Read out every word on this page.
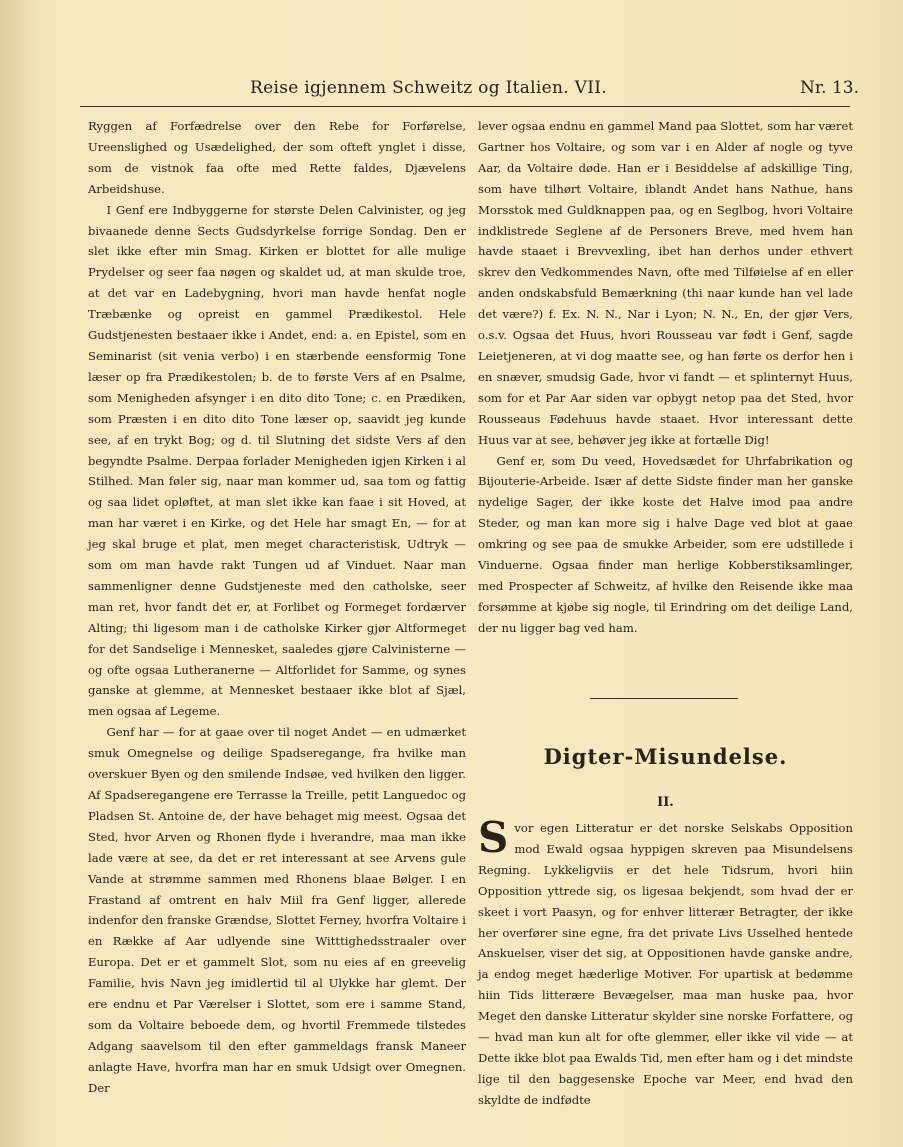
Reise igjennem Schweitz og Italien. VII.	Nr. 13.

Ryggen af Forfædrelse over den Rebe for Forførelse, Ureenslighed og Usædelighed, der som ofteft ynglet i disse, som de vistnok faa ofte med Rette faldes, Djævelens Arbeidshuse.

I Genf ere Indbyggerne for største Delen Calvinister, og jeg bivaanede denne Sects Gudsdyrkelse forrige Sondag. Den er slet ikke efter min Smag. Kirken er blottet for alle mulige Prydelser og seer faa nøgen og skaldet ud, at man skulde troe, at det var en Ladebygning, hvori man havde henfat nogle Træbænke og opreist en gammel Prædikestol. Hele Gudstjenesten bestaaer ikke i Andet, end: a. en Epistel, som en Seminarist (sit venia verbo) i en stærbende eensformig Tone læser op fra Prædikestolen; b. de to første Vers af en Psalme, som Menigheden afsynger i en dito dito Tone; c. en Prædiken, som Præsten i en dito dito Tone læser op, saavidt jeg kunde see, af en trykt Bog; og d. til Slutning det sidste Vers af den begyndte Psalme. Derpaa forlader Menigheden igjen Kirken i al Stilhed. Man føler sig, naar man kommer ud, saa tom og fattig og saa lidet opløftet, at man slet ikke kan faae i sit Hoved, at man har været i en Kirke, og det Hele har smagt En, — for at jeg skal bruge et plat, men meget characteristisk, Udtryk — som om man havde rakt Tungen ud af Vinduet. Naar man sammenligner denne Gudstjeneste med den catholske, seer man ret, hvor fandt det er, at Forlibet og Formeget fordærver Alting; thi ligesom man i de catholske Kirker gjør Altformeget for det Sandselige i Mennesket, saaledes gjøre Calvinisterne — og ofte ogsaa Lutheranerne — Altforlidet for Samme, og synes ganske at glemme, at Mennesket bestaaer ikke blot af Sjæl, men ogsaa af Legeme.

Genf har — for at gaae over til noget Andet — en udmærket smuk Omegnelse og deilige Spadseregange, fra hvilke man overskuer Byen og den smilende Indsøe, ved hvilken den ligger. Af Spadseregangene ere Terrasse la Treille, petit Languedoc og Pladsen St. Antoine de, der have behaget mig meest. Ogsaa det Sted, hvor Arven og Rhonen flyde i hverandre, maa man ikke lade være at see, da det er ret interessant at see Arvens gule Vande at strømme sammen med Rhonens blaae Bølger. I en Frastand af omtrent en halv Miil fra Genf ligger, allerede indenfor den franske Grændse, Slottet Ferney, hvorfra Voltaire i en Række af Aar udlyende sine Witttighedsstraaler over Europa. Det er et gammelt Slot, som nu eies af en greevelig Familie, hvis Navn jeg imidlertid til al Ulykke har glemt. Der ere endnu et Par Værelser i Slottet, som ere i samme Stand, som da Voltaire beboede dem, og hvortil Fremmede tilstedes Adgang saavelsom til den efter gammeldags fransk Maneer anlagte Have, hvorfra man har en smuk Udsigt over Omegnen. Der

lever ogsaa endnu en gammel Mand paa Slottet, som har været Gartner hos Voltaire, og som var i en Alder af nogle og tyve Aar, da Voltaire døde. Han er i Besiddelse af adskillige Ting, som have tilhørt Voltaire, iblandt Andet hans Nathue, hans Morsstok med Guldknappen paa, og en Seglbog, hvori Voltaire indklistrede Seglene af de Personers Breve, med hvem han havde staaet i Brevvexling, ibet han derhos under ethvert skrev den Vedkommendes Navn, ofte med Tilføielse af en eller anden ondskabsfuld Bemærkning (thi naar kunde han vel lade det være?) f. Ex. N. N., Nar i Lyon; N. N., En, der gjør Vers, o.s.v. Ogsaa det Huus, hvori Rousseau var født i Genf, sagde Leietjeneren, at vi dog maatte see, og han førte os derfor hen i en snæver, smudsig Gade, hvor vi fandt — et splinternyt Huus, som for et Par Aar siden var opbygt netop paa det Sted, hvor Rousseaus Fødehuus havde staaet. Hvor interessant dette Huus var at see, behøver jeg ikke at fortælle Dig!

Genf er, som Du veed, Hovedsædet for Uhrfabrikation og Bijouterie-Arbeide. Især af dette Sidste finder man her ganske nydelige Sager, der ikke koste det Halve imod paa andre Steder, og man kan more sig i halve Dage ved blot at gaae omkring og see paa de smukke Arbeider, som ere udstillede i Vinduerne. Ogsaa finder man herlige Kobberstiksamlinger, med Prospecter af Schweitz, af hvilke den Reisende ikke maa forsømme at kjøbe sig nogle, til Erindring om det deilige Land, der nu ligger bag ved ham.

Digter-Misundelse.
II.

S vor egen Litteratur er det norske Selskabs Opposition mod Ewald ogsaa hyppigen skreven paa Misundelsens Regning. Lykkeligviis er det hele Tidsrum, hvori hiin Opposition yttrede sig, os ligesaa bekjendt, som hvad der er skeet i vort Paasyn, og for enhver litterær Betragter, der ikke her overfører sine egne, fra det private Livs Usselhed hentede Anskuelser, viser det sig, at Oppositionen havde ganske andre, ja endog meget hæderlige Motiver. For upartisk at bedømme hiin Tids litterære Bevægelser, maa man huske paa, hvor Meget den danske Litteratur skylder sine norske Forfattere, og — hvad man kun alt for ofte glemmer, eller ikke vil vide — at Dette ikke blot paa Ewalds Tid, men efter ham og i det mindste lige til den baggesenske Epoche var Meer, end hvad den skyldte de indfødte
